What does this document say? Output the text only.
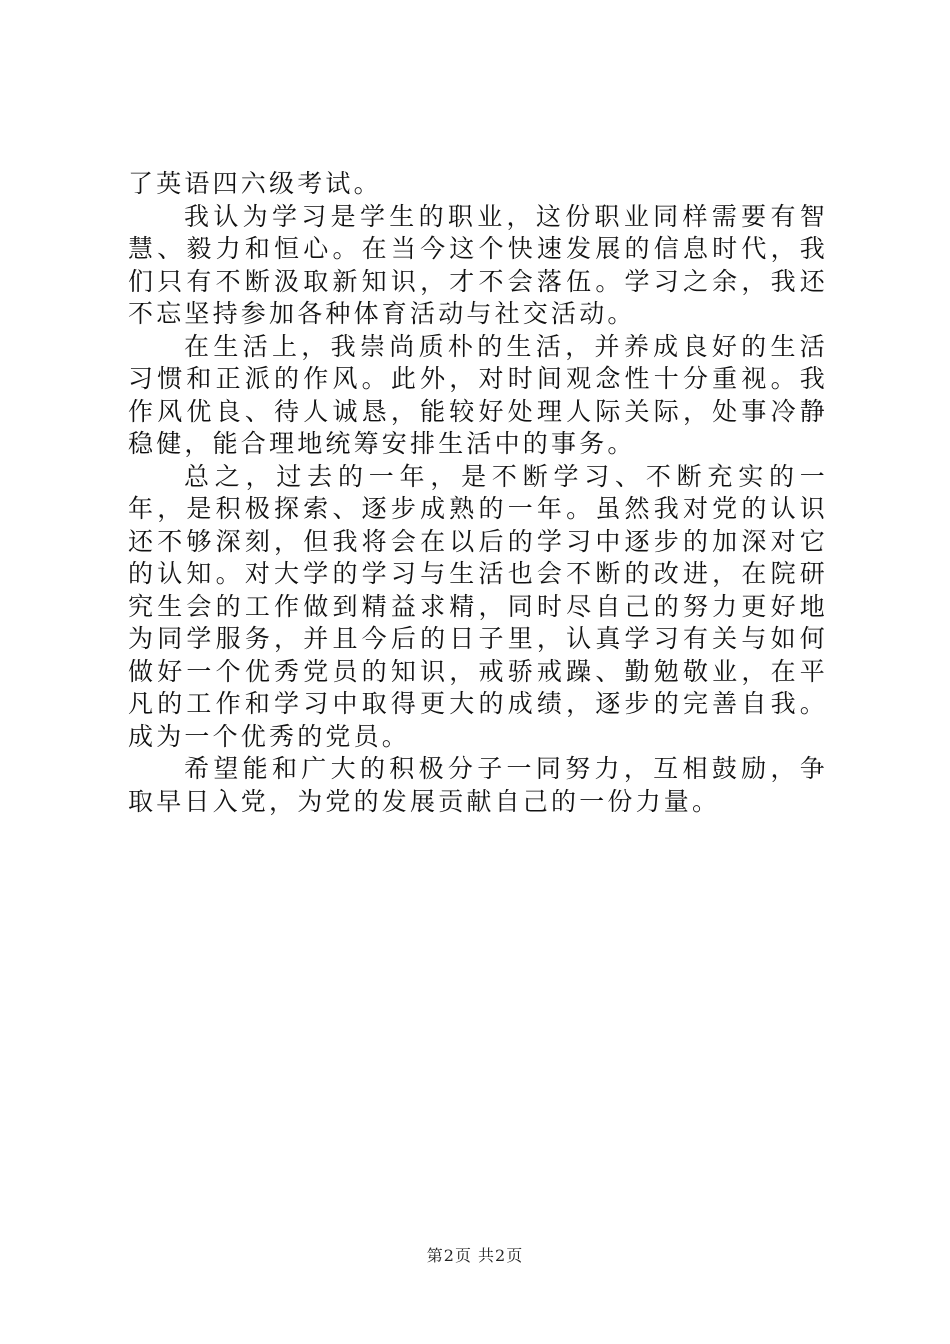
了英语四六级考试。

我认为学习是学生的职业，这份职业同样需要有智慧、毅力和恒心。在当今这个快速发展的信息时代，我们只有不断汲取新知识，才不会落伍。学习之余，我还不忘坚持参加各种体育活动与社交活动。

在生活上，我崇尚质朴的生活，并养成良好的生活习惯和正派的作风。此外，对时间观念性十分重视。我作风优良、待人诚恳，能较好处理人际关际，处事冷静稳健，能合理地统筹安排生活中的事务。

总之，过去的一年，是不断学习、不断充实的一年，是积极探索、逐步成熟的一年。虽然我对党的认识还不够深刻，但我将会在以后的学习中逐步的加深对它的认知。对大学的学习与生活也会不断的改进，在院研究生会的工作做到精益求精，同时尽自己的努力更好地为同学服务，并且今后的日子里，认真学习有关与如何做好一个优秀党员的知识，戒骄戒躁、勤勉敬业，在平凡的工作和学习中取得更大的成绩，逐步的完善自我。成为一个优秀的党员。

希望能和广大的积极分子一同努力，互相鼓励，争取早日入党，为党的发展贡献自己的一份力量。

第2页 共2页
